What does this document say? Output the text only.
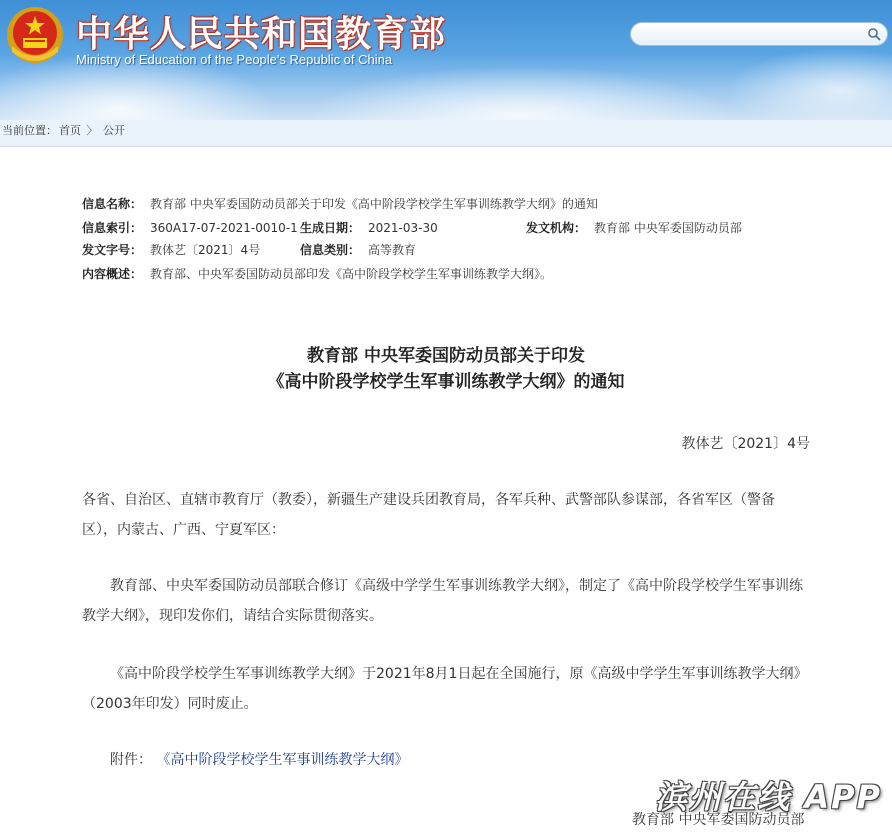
中华人民共和国教育部
Ministry of Education of the People's Republic of China
当前位置： 首页 〉 公开
信息名称： 教育部 中央军委国防动员部关于印发《高中阶段学校学生军事训练教学大纲》的通知
信息索引： 360A17-07-2021-0010-1 生成日期： 2021-03-30	发文机构： 教育部 中央军委国防动员部
发文字号： 教体艺〔2021〕4号	信息类别： 高等教育
内容概述： 教育部、中央军委国防动员部印发《高中阶段学校学生军事训练教学大纲》。
教育部 中央军委国防动员部关于印发
《高中阶段学校学生军事训练教学大纲》的通知
教体艺〔2021〕4号
各省、自治区、直辖市教育厅（教委），新疆生产建设兵团教育局，各军兵种、武警部队参谋部，各省军区（警备区），内蒙古、广西、宁夏军区：
教育部、中央军委国防动员部联合修订《高级中学学生军事训练教学大纲》，制定了《高中阶段学校学生军事训练教学大纲》，现印发你们，请结合实际贯彻落实。
《高中阶段学校学生军事训练教学大纲》于2021年8月1日起在全国施行，原《高级中学学生军事训练教学大纲》（2003年印发）同时废止。
附件： 《高中阶段学校学生军事训练教学大纲》
教育部 中央军委国防动员部
滨州在线 APP
